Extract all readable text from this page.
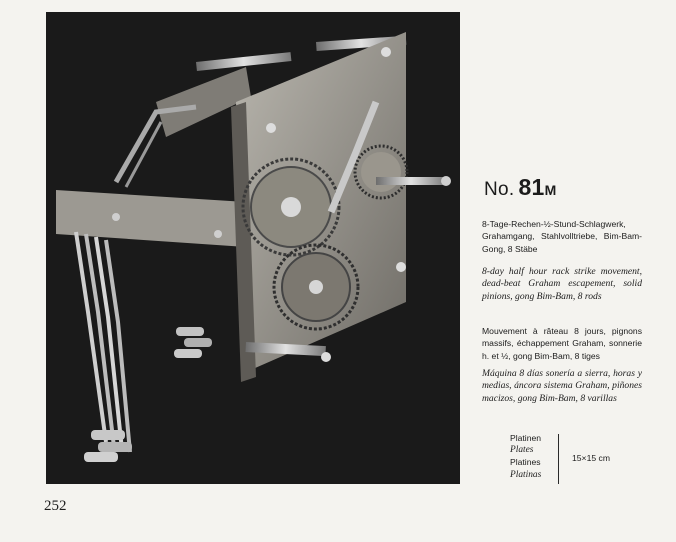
No. 81M
8-Tage-Rechen-½-Stund-Schlagwerk, Grahamgang, Stahlvolltriebe, Bim-Bam-Gong, 8 Stäbe
8-day half hour rack strike movement, dead-beat Graham escapement, solid pinions, gong Bim-Bam, 8 rods
Mouvement à râteau 8 jours, pignons massifs, échappement Graham, sonnerie h. et ½, gong Bim-Bam, 8 tiges
Máquina 8 días sonería a sierra, horas y medias, áncora sistema Graham, piñones macizos, gong Bim-Bam, 8 varillas
Platinen
Plates
Platines
Platinas
15×15 cm
252
